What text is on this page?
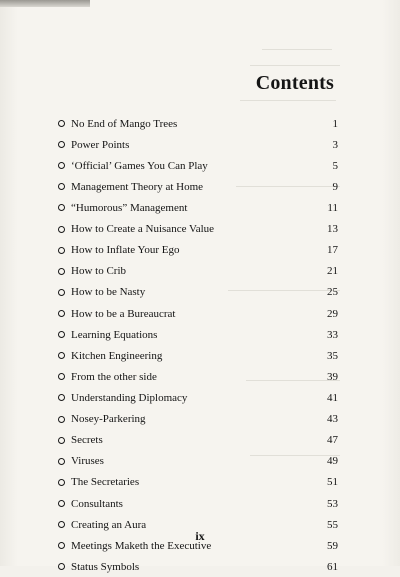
Contents
No End of Mango Trees	1
Power Points	3
‘Official’ Games You Can Play	5
Management Theory at Home	9
“Humorous” Management	11
How to Create a Nuisance Value	13
How to Inflate Your Ego	17
How to Crib	21
How to be Nasty	25
How to be a Bureaucrat	29
Learning Equations	33
Kitchen Engineering	35
From the other side	39
Understanding Diplomacy	41
Nosey-Parkering	43
Secrets	47
Viruses	49
The Secretaries	51
Consultants	53
Creating an Aura	55
Meetings Maketh the Executive	59
Status Symbols	61
ix
